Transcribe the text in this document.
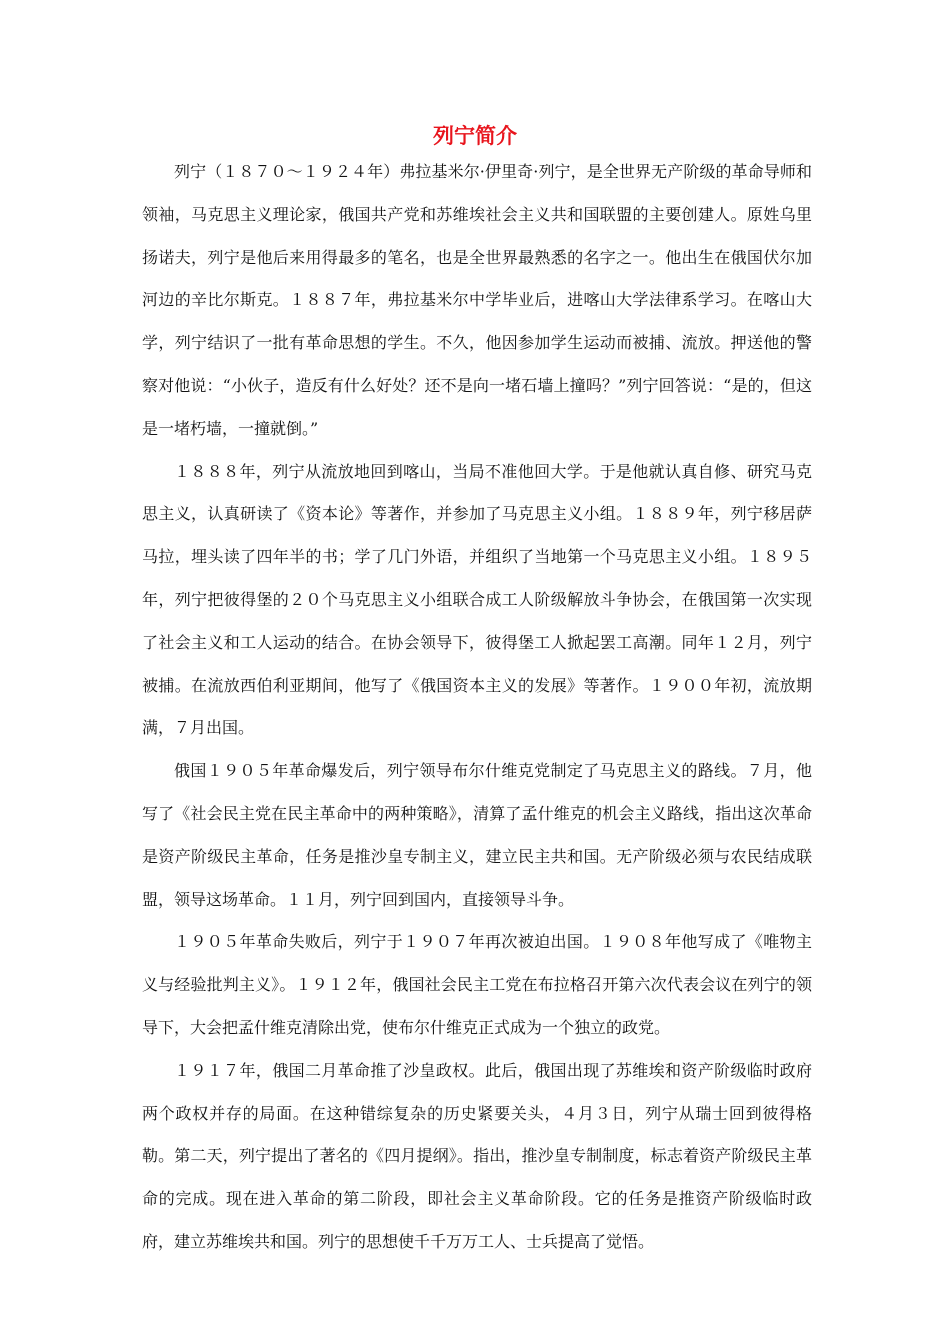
列宁简介

列宁（１８７０～１９２４年）弗拉基米尔·伊里奇·列宁，是全世界无产阶级的革命导师和领袖，马克思主义理论家，俄国共产党和苏维埃社会主义共和国联盟的主要创建人。原姓乌里扬诺夫，列宁是他后来用得最多的笔名，也是全世界最熟悉的名字之一。他出生在俄国伏尔加河边的辛比尔斯克。１８８７年，弗拉基米尔中学毕业后，进喀山大学法律系学习。在喀山大学，列宁结识了一批有革命思想的学生。不久，他因参加学生运动而被捕、流放。押送他的警察对他说：“小伙子，造反有什么好处？还不是向一堵石墙上撞吗？”列宁回答说：“是的，但这是一堵朽墙，一撞就倒。”

１８８８年，列宁从流放地回到喀山，当局不准他回大学。于是他就认真自修、研究马克思主义，认真研读了《资本论》等著作，并参加了马克思主义小组。１８８９年，列宁移居萨马拉，埋头读了四年半的书；学了几门外语，并组织了当地第一个马克思主义小组。１８９５年，列宁把彼得堡的２０个马克思主义小组联合成工人阶级解放斗争协会，在俄国第一次实现了社会主义和工人运动的结合。在协会领导下，彼得堡工人掀起罢工高潮。同年１２月，列宁被捕。在流放西伯利亚期间，他写了《俄国资本主义的发展》等著作。１９００年初，流放期满，７月出国。

俄国１９０５年革命爆发后，列宁领导布尔什维克党制定了马克思主义的路线。７月，他写了《社会民主党在民主革命中的两种策略》，清算了孟什维克的机会主义路线，指出这次革命是资产阶级民主革命，任务是推沙皇专制主义，建立民主共和国。无产阶级必须与农民结成联盟，领导这场革命。１１月，列宁回到国内，直接领导斗争。

１９０５年革命失败后，列宁于１９０７年再次被迫出国。１９０８年他写成了《唯物主义与经验批判主义》。１９１２年，俄国社会民主工党在布拉格召开第六次代表会议在列宁的领导下，大会把孟什维克清除出党，使布尔什维克正式成为一个独立的政党。

１９１７年，俄国二月革命推了沙皇政权。此后，俄国出现了苏维埃和资产阶级临时政府两个政权并存的局面。在这种错综复杂的历史紧要关头，４月３日，列宁从瑞士回到彼得格勒。第二天，列宁提出了著名的《四月提纲》。指出，推沙皇专制制度，标志着资产阶级民主革命的完成。现在进入革命的第二阶段，即社会主义革命阶段。它的任务是推资产阶级临时政府，建立苏维埃共和国。列宁的思想使千千万万工人、士兵提高了觉悟。
